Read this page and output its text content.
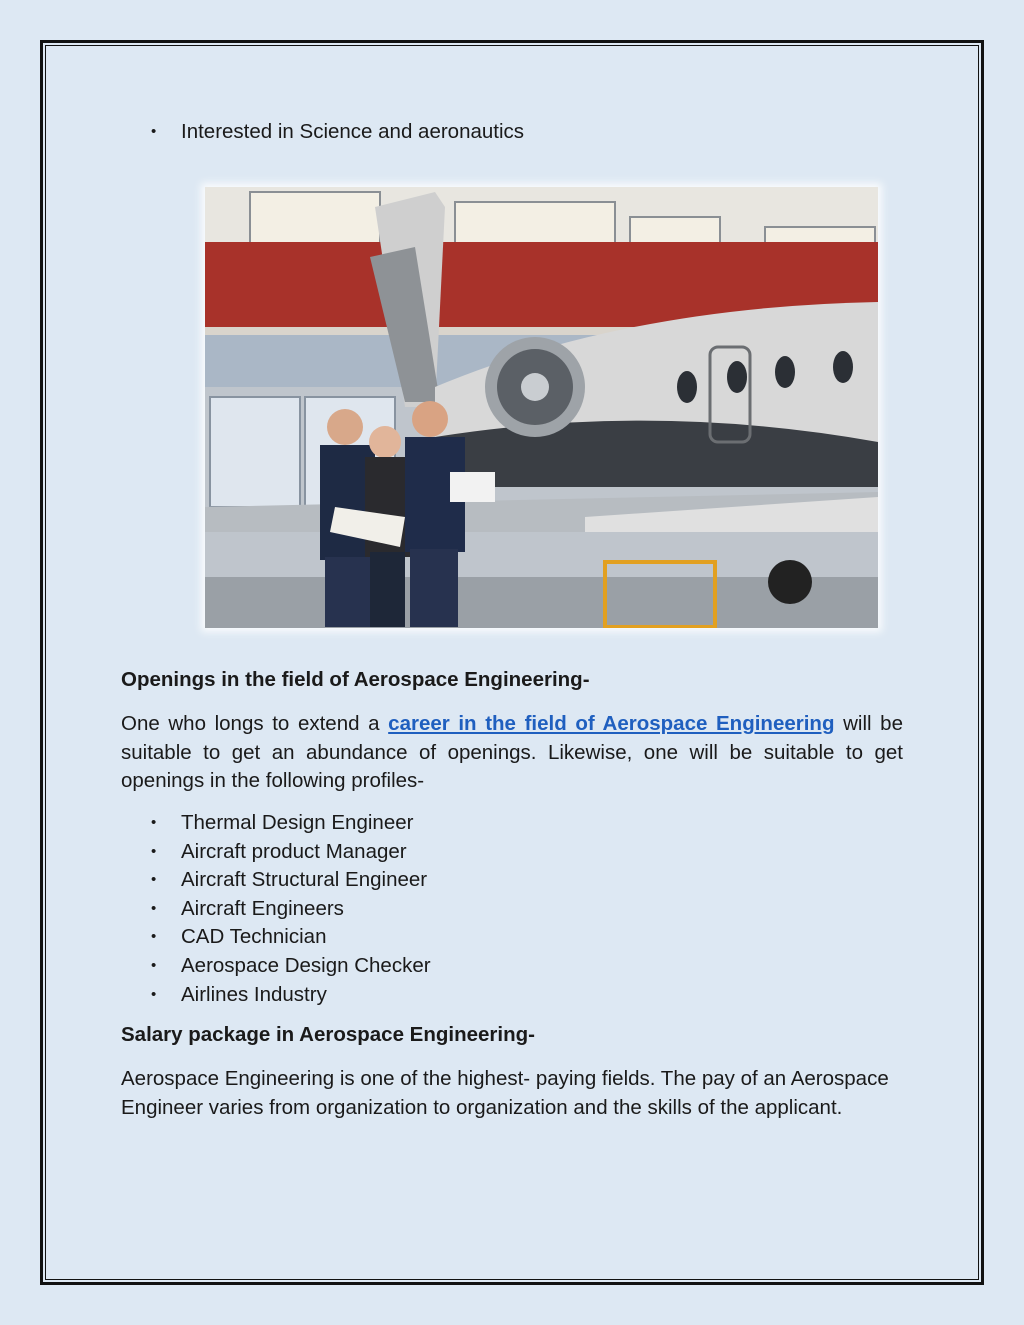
• Interested in Science and aeronautics
Openings in the field of Aerospace Engineering-

One who longs to extend a career in the field of Aerospace Engineering will be suitable to get an abundance of openings. Likewise, one will be suitable to get openings in the following profiles-

• Thermal Design Engineer
• Aircraft product Manager
• Aircraft Structural Engineer
• Aircraft Engineers
• CAD Technician
• Aerospace Design Checker
• Airlines Industry
Salary package in Aerospace Engineering-

Aerospace Engineering is one of the highest- paying fields. The pay of an Aerospace Engineer varies from organization to organization and the skills of the applicant.
